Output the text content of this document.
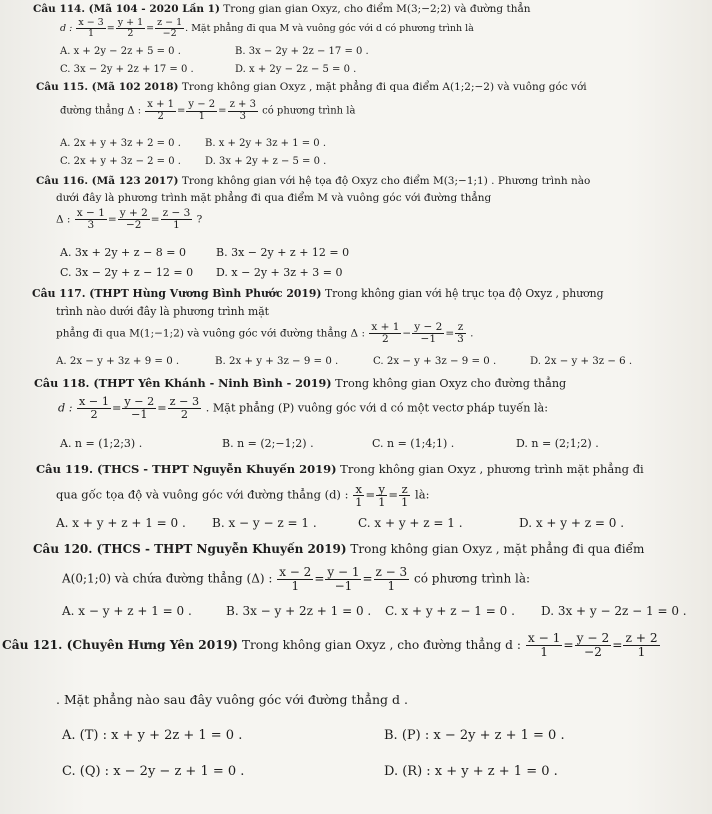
Câu 114. (Mã 104 - 2020 Lần 1) Trong gian gian Oxyz, cho điểm M(3;−2;2) và đường thẳn
d : $\frac{x - 3}{1} = \frac{y + 1}{2} = \frac{z - 1}{-2}$ . Mặt phẳng đi qua M và vuông góc với d có phương trình là
A. x + 2y − 2z + 5 = 0 .	B. 3x − 2y + 2z − 17 = 0 .
C. 3x − 2y + 2z + 17 = 0 .	D. x + 2y − 2z − 5 = 0 .
Câu 115. (Mã 102 2018) Trong không gian Oxyz , mặt phẳng đi qua điểm A(1;2;−2) và vuông góc với
đường thẳng Δ : $\frac{x + 1}{2} = \frac{y - 2}{1} = \frac{z + 3}{3}$ có phương trình là
A. 2x + y + 3z + 2 = 0 . B. x + 2y + 3z + 1 = 0 .
C. 2x + y + 3z − 2 = 0 . D. 3x + 2y + z − 5 = 0 .
Câu 116. (Mã 123 2017) Trong không gian với hệ tọa độ Oxyz cho điểm M(3;−1;1) . Phương trình nào
dưới đây là phương trình mặt phẳng đi qua điểm M và vuông góc với đường thẳng
Δ : $\frac{x - 1}{3} = \frac{y + 2}{-2} = \frac{z - 3}{1}$ ?
A. 3x + 2y + z − 8 = 0	B. 3x − 2y + z + 12 = 0
C. 3x − 2y + z − 12 = 0 D. x − 2y + 3z + 3 = 0
Câu 117. (THPT Hùng Vương Bình Phước 2019) Trong không gian với hệ trục tọa độ Oxyz , phương
trình nào dưới đây là phương trình mặt
phẳng đi qua M(1;−1;2) và vuông góc với đường thẳng Δ : $\frac{x + 1}{2} - \frac{y - 2}{-1} = \frac{z}{3}$ .
A. 2x − y + 3z + 9 = 0 .	B. 2x + y + 3z − 9 = 0 .	C. 2x − y + 3z − 9 = 0 .	D. 2x − y + 3z − 6 .
Câu 118. (THPT Yên Khánh - Ninh Bình - 2019) Trong không gian Oxyz cho đường thẳng
d : $\frac{x - 1}{2} = \frac{y - 2}{-1} = \frac{z - 3}{2}$ . Mặt phẳng (P) vuông góc với d có một vectơ pháp tuyến là:
A. n = (1;2;3) .	B. n = (2;−1;2) .	C. n = (1;4;1) .	D. n = (2;1;2) .
Câu 119. (THCS - THPT Nguyễn Khuyến 2019) Trong không gian Oxyz , phương trình mặt phẳng đi
qua gốc tọa độ và vuông góc với đường thẳng (d) : $\frac{x}{1} = \frac{y}{1} = \frac{z}{1}$ là:
A. x + y + z + 1 = 0 . B. x − y − z = 1 .	C. x + y + z = 1 .	D. x + y + z = 0 .
Câu 120. (THCS - THPT Nguyễn Khuyến 2019) Trong không gian Oxyz , mặt phẳng đi qua điểm
A(0;1;0) và chứa đường thẳng (Δ) : $\frac{x - 2}{1} = \frac{y - 1}{-1} = \frac{z - 3}{1}$ có phương trình là:
A. x − y + z + 1 = 0 .	B. 3x − y + 2z + 1 = 0 . C. x + y + z − 1 = 0 . D. 3x + y − 2z − 1 = 0 .
Câu 121. (Chuyên Hưng Yên 2019) Trong không gian Oxyz , cho đường thẳng d : $\frac{x - 1}{1} = \frac{y - 2}{-2} = \frac{z + 2}{1}$
. Mặt phẳng nào sau đây vuông góc với đường thẳng d .
A. (T) : x + y + 2z + 1 = 0 .	B. (P) : x − 2y + z + 1 = 0 .
C. (Q) : x − 2y − z + 1 = 0 .	D. (R) : x + y + z + 1 = 0 .
